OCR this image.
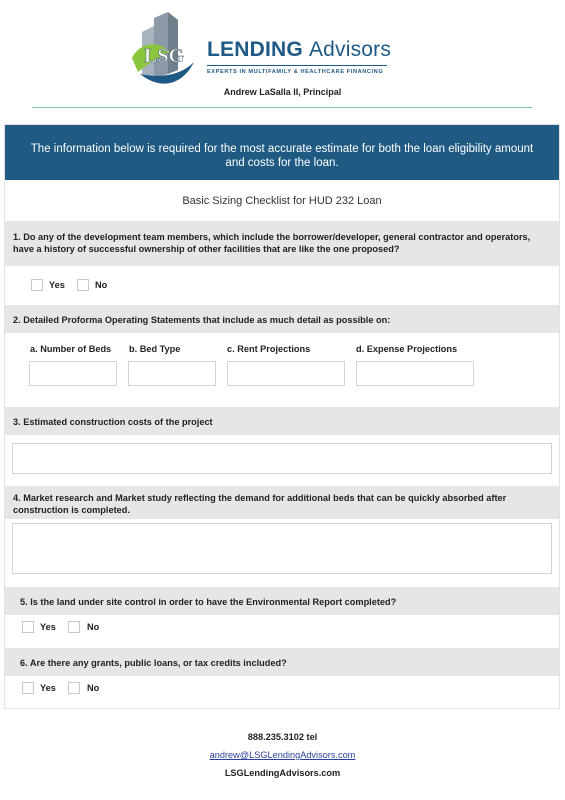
LSG LENDING Advisors
EXPERTS IN MULTIFAMILY & HEALTHCARE FINANCING
Andrew LaSalla II, Principal
The information below is required for the most accurate estimate for both the loan eligibility amount and costs for the loan.
Basic Sizing Checklist for HUD 232 Loan
1. Do any of the development team members, which include the borrower/developer, general contractor and operators, have a history of successful ownership of other facilities that are like the one proposed?
Yes	No
2. Detailed Proforma Operating Statements that include as much detail as possible on:
a. Number of Beds b. Bed Type	c. Rent Projections	d. Expense Projections
3. Estimated construction costs of the project
4. Market research and Market study reflecting the demand for additional beds that can be quickly absorbed after construction is completed.
5. Is the land under site control in order to have the Environmental Report completed?
Yes	No
6. Are there any grants, public loans, or tax credits included?
Yes	No
888.235.3102 tel
andrew@LSGLendingAdvisors.com
LSGLendingAdvisors.com
